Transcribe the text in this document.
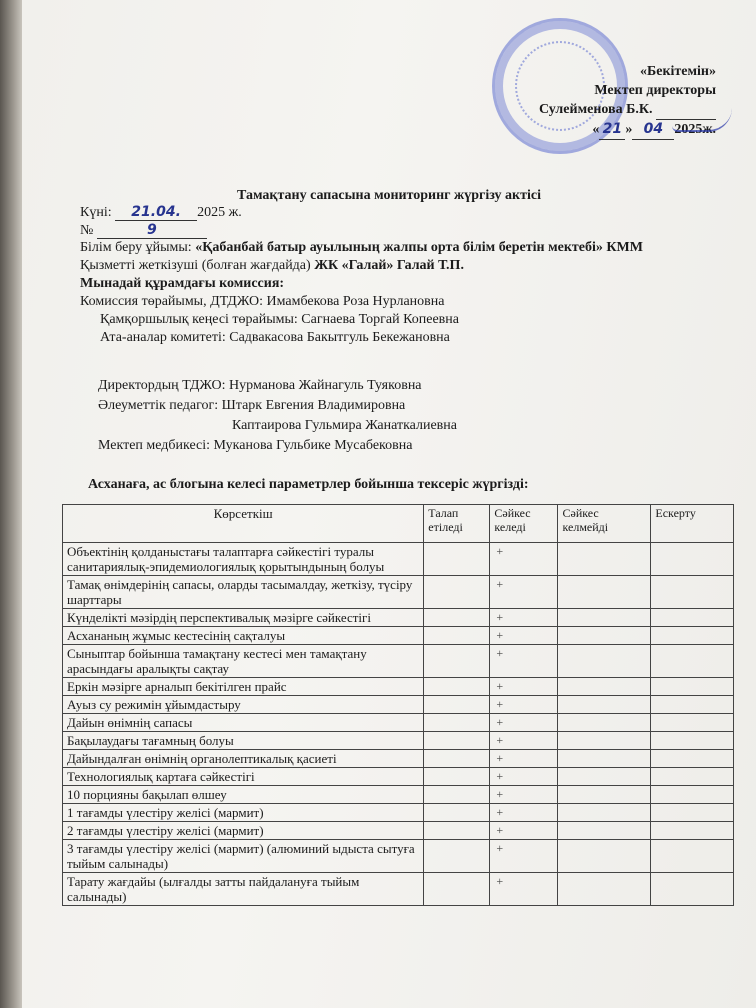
«Бекітемін»
Мектеп директоры
Сулейменова Б.К.
« 21 » 04 2025ж.
Тамақтану сапасына мониторинг жүргізу актісі
Күні: 21.04. 2025 ж.
№	9
Білім беру ұйымы: «Қабанбай батыр ауылының жалпы орта білім беретін мектебі» КММ
Қызметті жеткізуші (болған жағдайда) ЖК «Галай» Галай Т.П.
Мынадай құрамдағы комиссия:
Комиссия төрайымы, ДТДЖО: Имамбекова Роза Нурлановна
Қамқоршылық кеңесі төрайымы: Сагнаева Торгай Копеевна
Ата-аналар комитеті: Садвакасова Бакытгуль Бекежановна
Директордың ТДЖО: Нурманова Жайнагуль Туяковна
Әлеуметтік педагог: Штарк Евгения Владимировна
Каптаирова Гульмира Жанаткалиевна
Мектеп медбикесі: Муканова Гульбике Мусабековна
Асханаға, ас блогына келесі параметрлер бойынша тексеріс жүргізді:
Көрсеткіш	Талап етіледі	Сәйкес келеді	Сәйкес келмейді	Ескерту
Объектінің қолданыстағы талаптарға сәйкестігі туралы санитариялық-эпидемиологиялық қорытындының болуы		+		
Тамақ өнімдерінің сапасы, оларды тасымалдау, жеткізу, түсіру шарттары		+		
Күнделікті мәзірдің перспективалық мәзірге сәйкестігі		+		
Асхананың жұмыс кестесінің сақталуы		+		
Сыныптар бойынша тамақтану кестесі мен тамақтану арасындағы аралықты сақтау		+		
Еркін мәзірге арналып бекітілген прайс		+		
Ауыз су режимін ұйымдастыру		+		
Дайын өнімнің сапасы		+		
Бақылаудағы тағамның болуы		+		
Дайындалған өнімнің органолептикалық қасиеті		+		
Технологиялық картаға сәйкестігі		+		
10 порцияны бақылап өлшеу		+		
1 тағамды үлестіру желісі (мармит)		+		
2 тағамды үлестіру желісі (мармит)		+		
3 тағамды үлестіру желісі (мармит) (алюминий ыдыста сытуға тыйым салынады)		+		
Тарату жағдайы (ылғалды затты пайдалануға тыйым салынады)		+		
